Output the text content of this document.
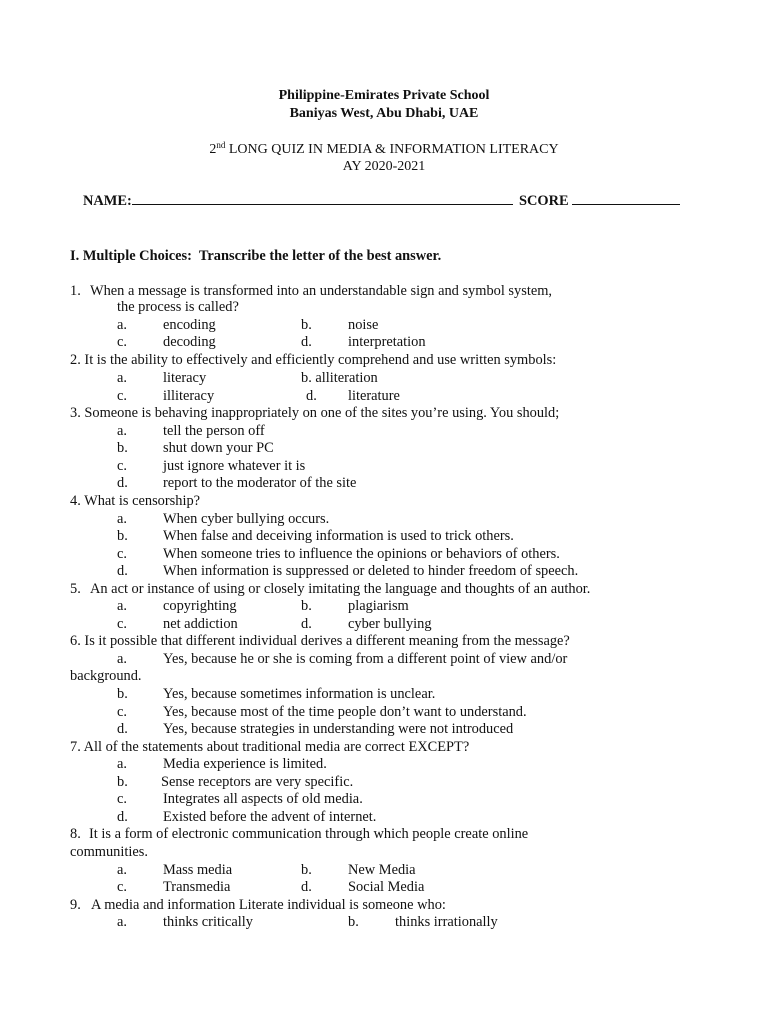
Philippine-Emirates Private School
Baniyas West, Abu Dhabi, UAE
2nd LONG QUIZ IN MEDIA & INFORMATION LITERACY
AY 2020-2021
NAME:	SCORE
I. Multiple Choices: Transcribe the letter of the best answer.
1. When a message is transformed into an understandable sign and symbol system,
the process is called?
a.	encoding	b.	noise
c.	decoding	d.	interpretation
2. It is the ability to effectively and efficiently comprehend and use written symbols:
a.	literacy	b. alliteration
c.	illiteracy	d. literature
3. Someone is behaving inappropriately on one of the sites you’re using. You should;
a.	tell the person off
b. shut down your PC
c.	just ignore whatever it is
d. report to the moderator of the site
4. What is censorship?
a.	When cyber bullying occurs.
b. When false and deceiving information is used to trick others.
c.	When someone tries to influence the opinions or behaviors of others.
d. When information is suppressed or deleted to hinder freedom of speech.
5. An act or instance of using or closely imitating the language and thoughts of an author.
a.	copyrighting	b.	plagiarism
c.	net addiction	d.	cyber bullying
6. Is it possible that different individual derives a different meaning from the message?
a.	Yes, because he or she is coming from a different point of view and/or
background.
b. Yes, because sometimes information is unclear.
c.	Yes, because most of the time people don’t want to understand.
d. Yes, because strategies in understanding were not introduced
7. All of the statements about traditional media are correct EXCEPT?
a.	Media experience is limited.
b. Sense receptors are very specific.
c.	Integrates all aspects of old media.
d. Existed before the advent of internet.
8. It is a form of electronic communication through which people create online
communities.
a.	Mass media	b.	New Media
c.	Transmedia	d.	Social Media
9. A media and information Literate individual is someone who:
a.	thinks critically	b.	thinks irrationally
